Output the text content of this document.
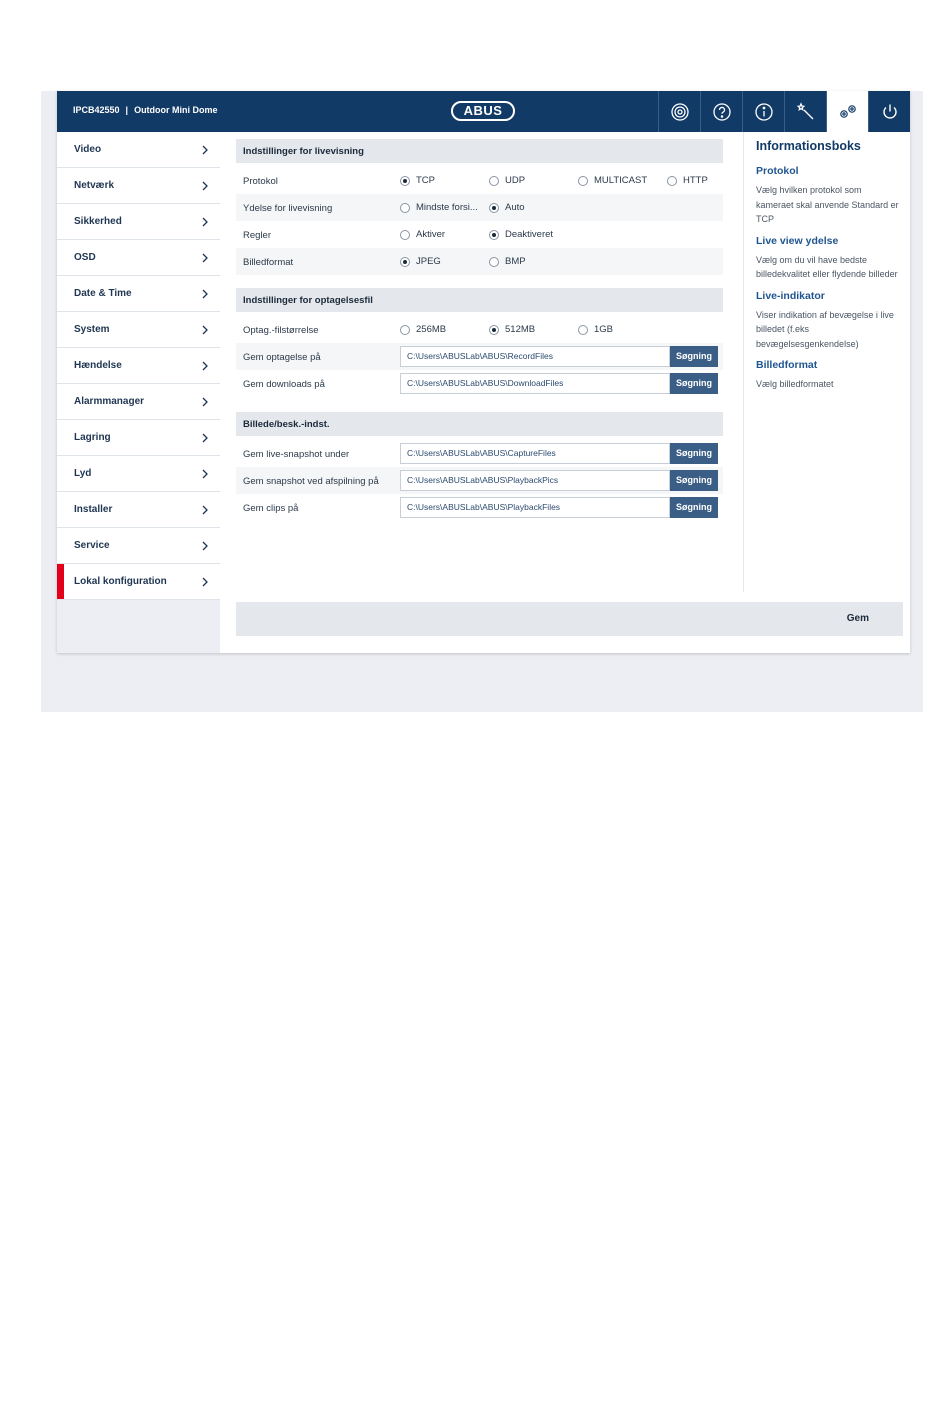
IPCB42550 | Outdoor Mini Dome	ABUS
Video
Netværk
Sikkerhed
OSD
Date & Time
System
Hændelse
Alarmmanager
Lagring
Lyd
Installer
Service
Lokal konfiguration
Indstillinger for livevisning
Protokol	TCP	UDP	MULTICAST	HTTP
Ydelse for livevisning	Mindste forsi...	Auto
Regler	Aktiver	Deaktiveret
Billedformat	JPEG	BMP
Indstillinger for optagelsesfil
Optag.-filstørrelse	256MB	512MB	1GB
Gem optagelse på	C:\Users\ABUSLab\ABUS\RecordFiles	Søgning
Gem downloads på	C:\Users\ABUSLab\ABUS\DownloadFiles	Søgning
Billede/besk.-indst.
Gem live-snapshot under	C:\Users\ABUSLab\ABUS\CaptureFiles	Søgning
Gem snapshot ved afspilning på	C:\Users\ABUSLab\ABUS\PlaybackPics	Søgning
Gem clips på	C:\Users\ABUSLab\ABUS\PlaybackFiles	Søgning
Informationsboks
Protokol
Vælg hvilken protokol som kameraet skal anvende Standard er TCP
Live view ydelse
Vælg om du vil have bedste billedekvalitet eller flydende billeder
Live-indikator
Viser indikation af bevægelse i live billedet (f.eks bevægelsesgenkendelse)
Billedformat
Vælg billedformatet
Gem
